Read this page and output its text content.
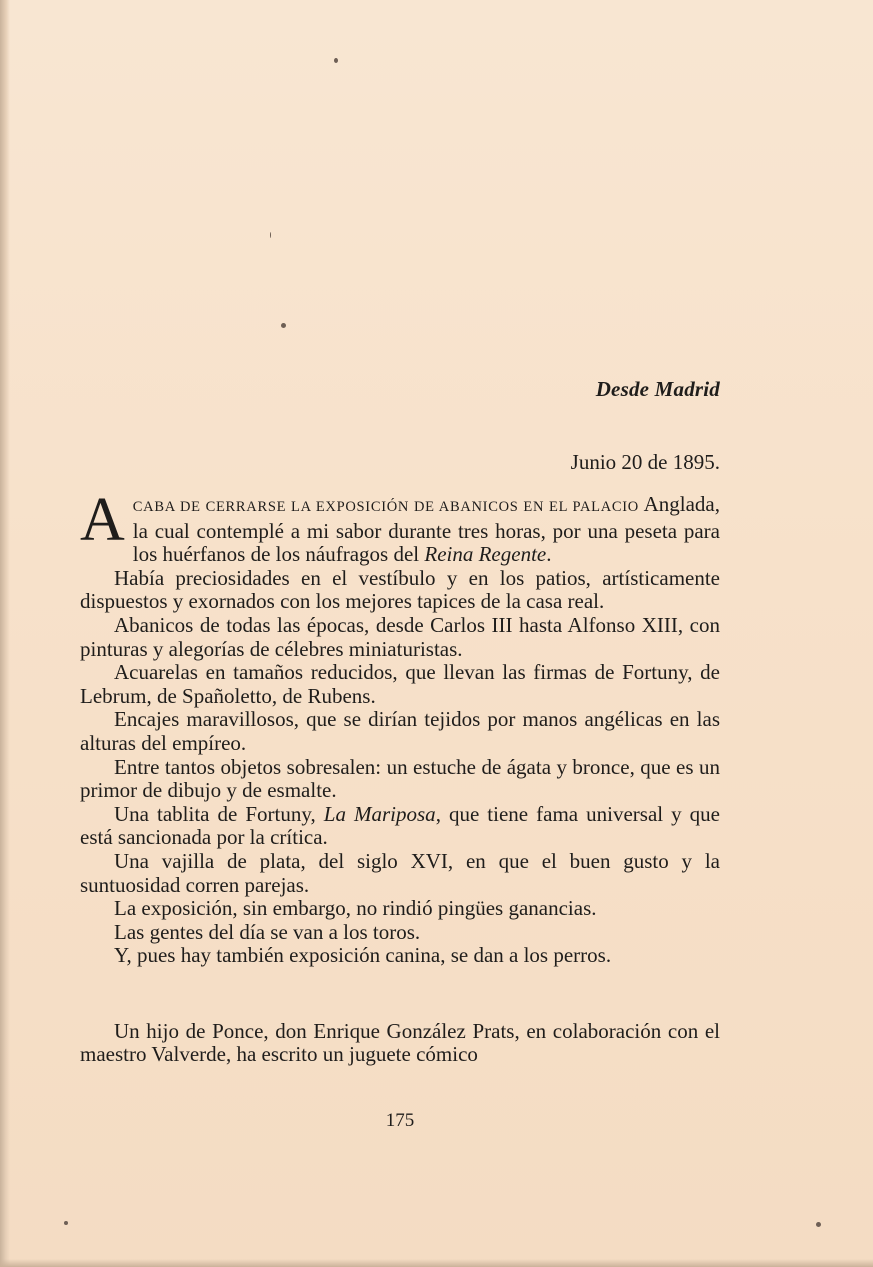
Desde Madrid
Junio 20 de 1895.

ACABA DE CERRARSE LA EXPOSICIÓN DE ABANICOS EN EL PALACIO Anglada, la cual contemplé a mi sabor durante tres horas, por una peseta para los huérfanos de los náufragos del Reina Regente.

Había preciosidades en el vestíbulo y en los patios, artísticamente dispuestos y exornados con los mejores tapices de la casa real.

Abanicos de todas las épocas, desde Carlos III hasta Alfonso XIII, con pinturas y alegorías de célebres miniaturistas.

Acuarelas en tamaños reducidos, que llevan las firmas de Fortuny, de Lebrum, de Spañoletto, de Rubens.

Encajes maravillosos, que se dirían tejidos por manos angélicas en las alturas del empíreo.

Entre tantos objetos sobresalen: un estuche de ágata y bronce, que es un primor de dibujo y de esmalte.

Una tablita de Fortuny, La Mariposa, que tiene fama universal y que está sancionada por la crítica.

Una vajilla de plata, del siglo XVI, en que el buen gusto y la suntuosidad corren parejas.

La exposición, sin embargo, no rindió pingües ganancias.

Las gentes del día se van a los toros.

Y, pues hay también exposición canina, se dan a los perros.

Un hijo de Ponce, don Enrique González Prats, en colaboración con el maestro Valverde, ha escrito un juguete cómico

175
